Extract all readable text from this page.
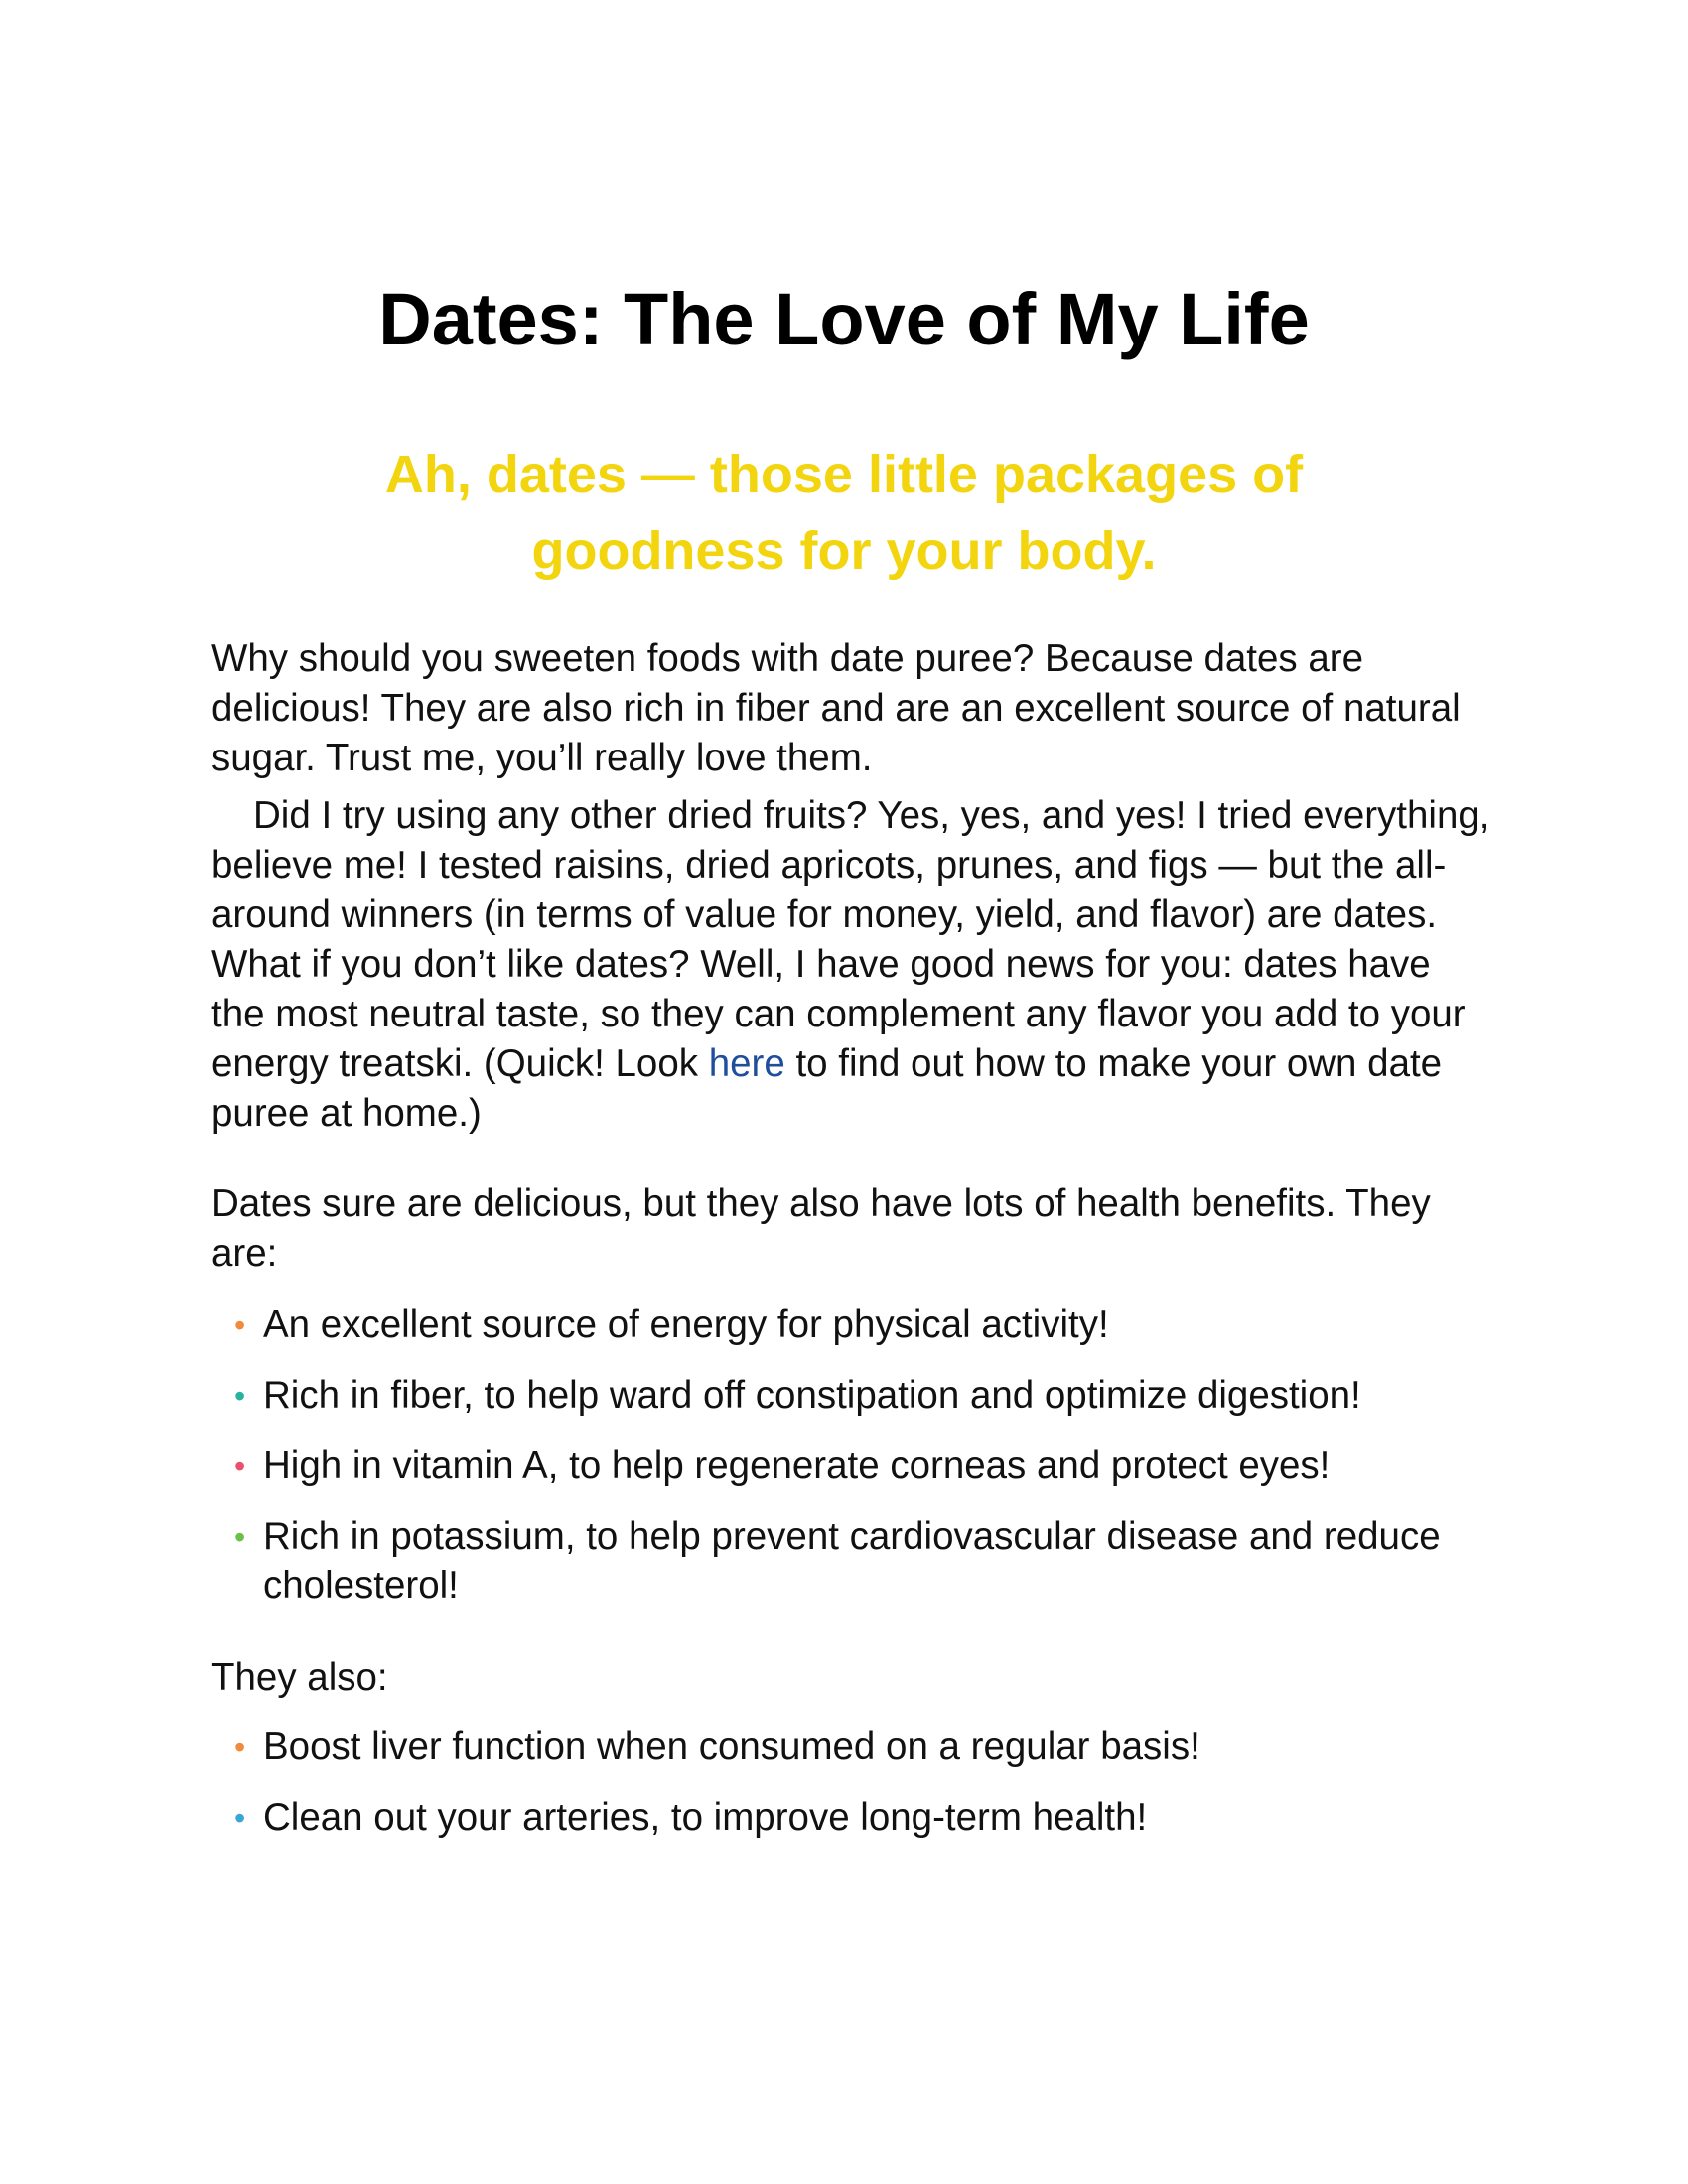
Dates: The Love of My Life
Ah, dates — those little packages of goodness for your body.

Why should you sweeten foods with date puree? Because dates are delicious! They are also rich in fiber and are an excellent source of natural sugar. Trust me, you’ll really love them.

Did I try using any other dried fruits? Yes, yes, and yes! I tried everything, believe me! I tested raisins, dried apricots, prunes, and figs — but the all-around winners (in terms of value for money, yield, and flavor) are dates. What if you don’t like dates? Well, I have good news for you: dates have the most neutral taste, so they can complement any flavor you add to your energy treatski. (Quick! Look here to find out how to make your own date puree at home.)

Dates sure are delicious, but they also have lots of health benefits. They are:

• An excellent source of energy for physical activity!
• Rich in fiber, to help ward off constipation and optimize digestion!
• High in vitamin A, to help regenerate corneas and protect eyes!
• Rich in potassium, to help prevent cardiovascular disease and reduce cholesterol!

They also:

• Boost liver function when consumed on a regular basis!
• Clean out your arteries, to improve long-term health!
